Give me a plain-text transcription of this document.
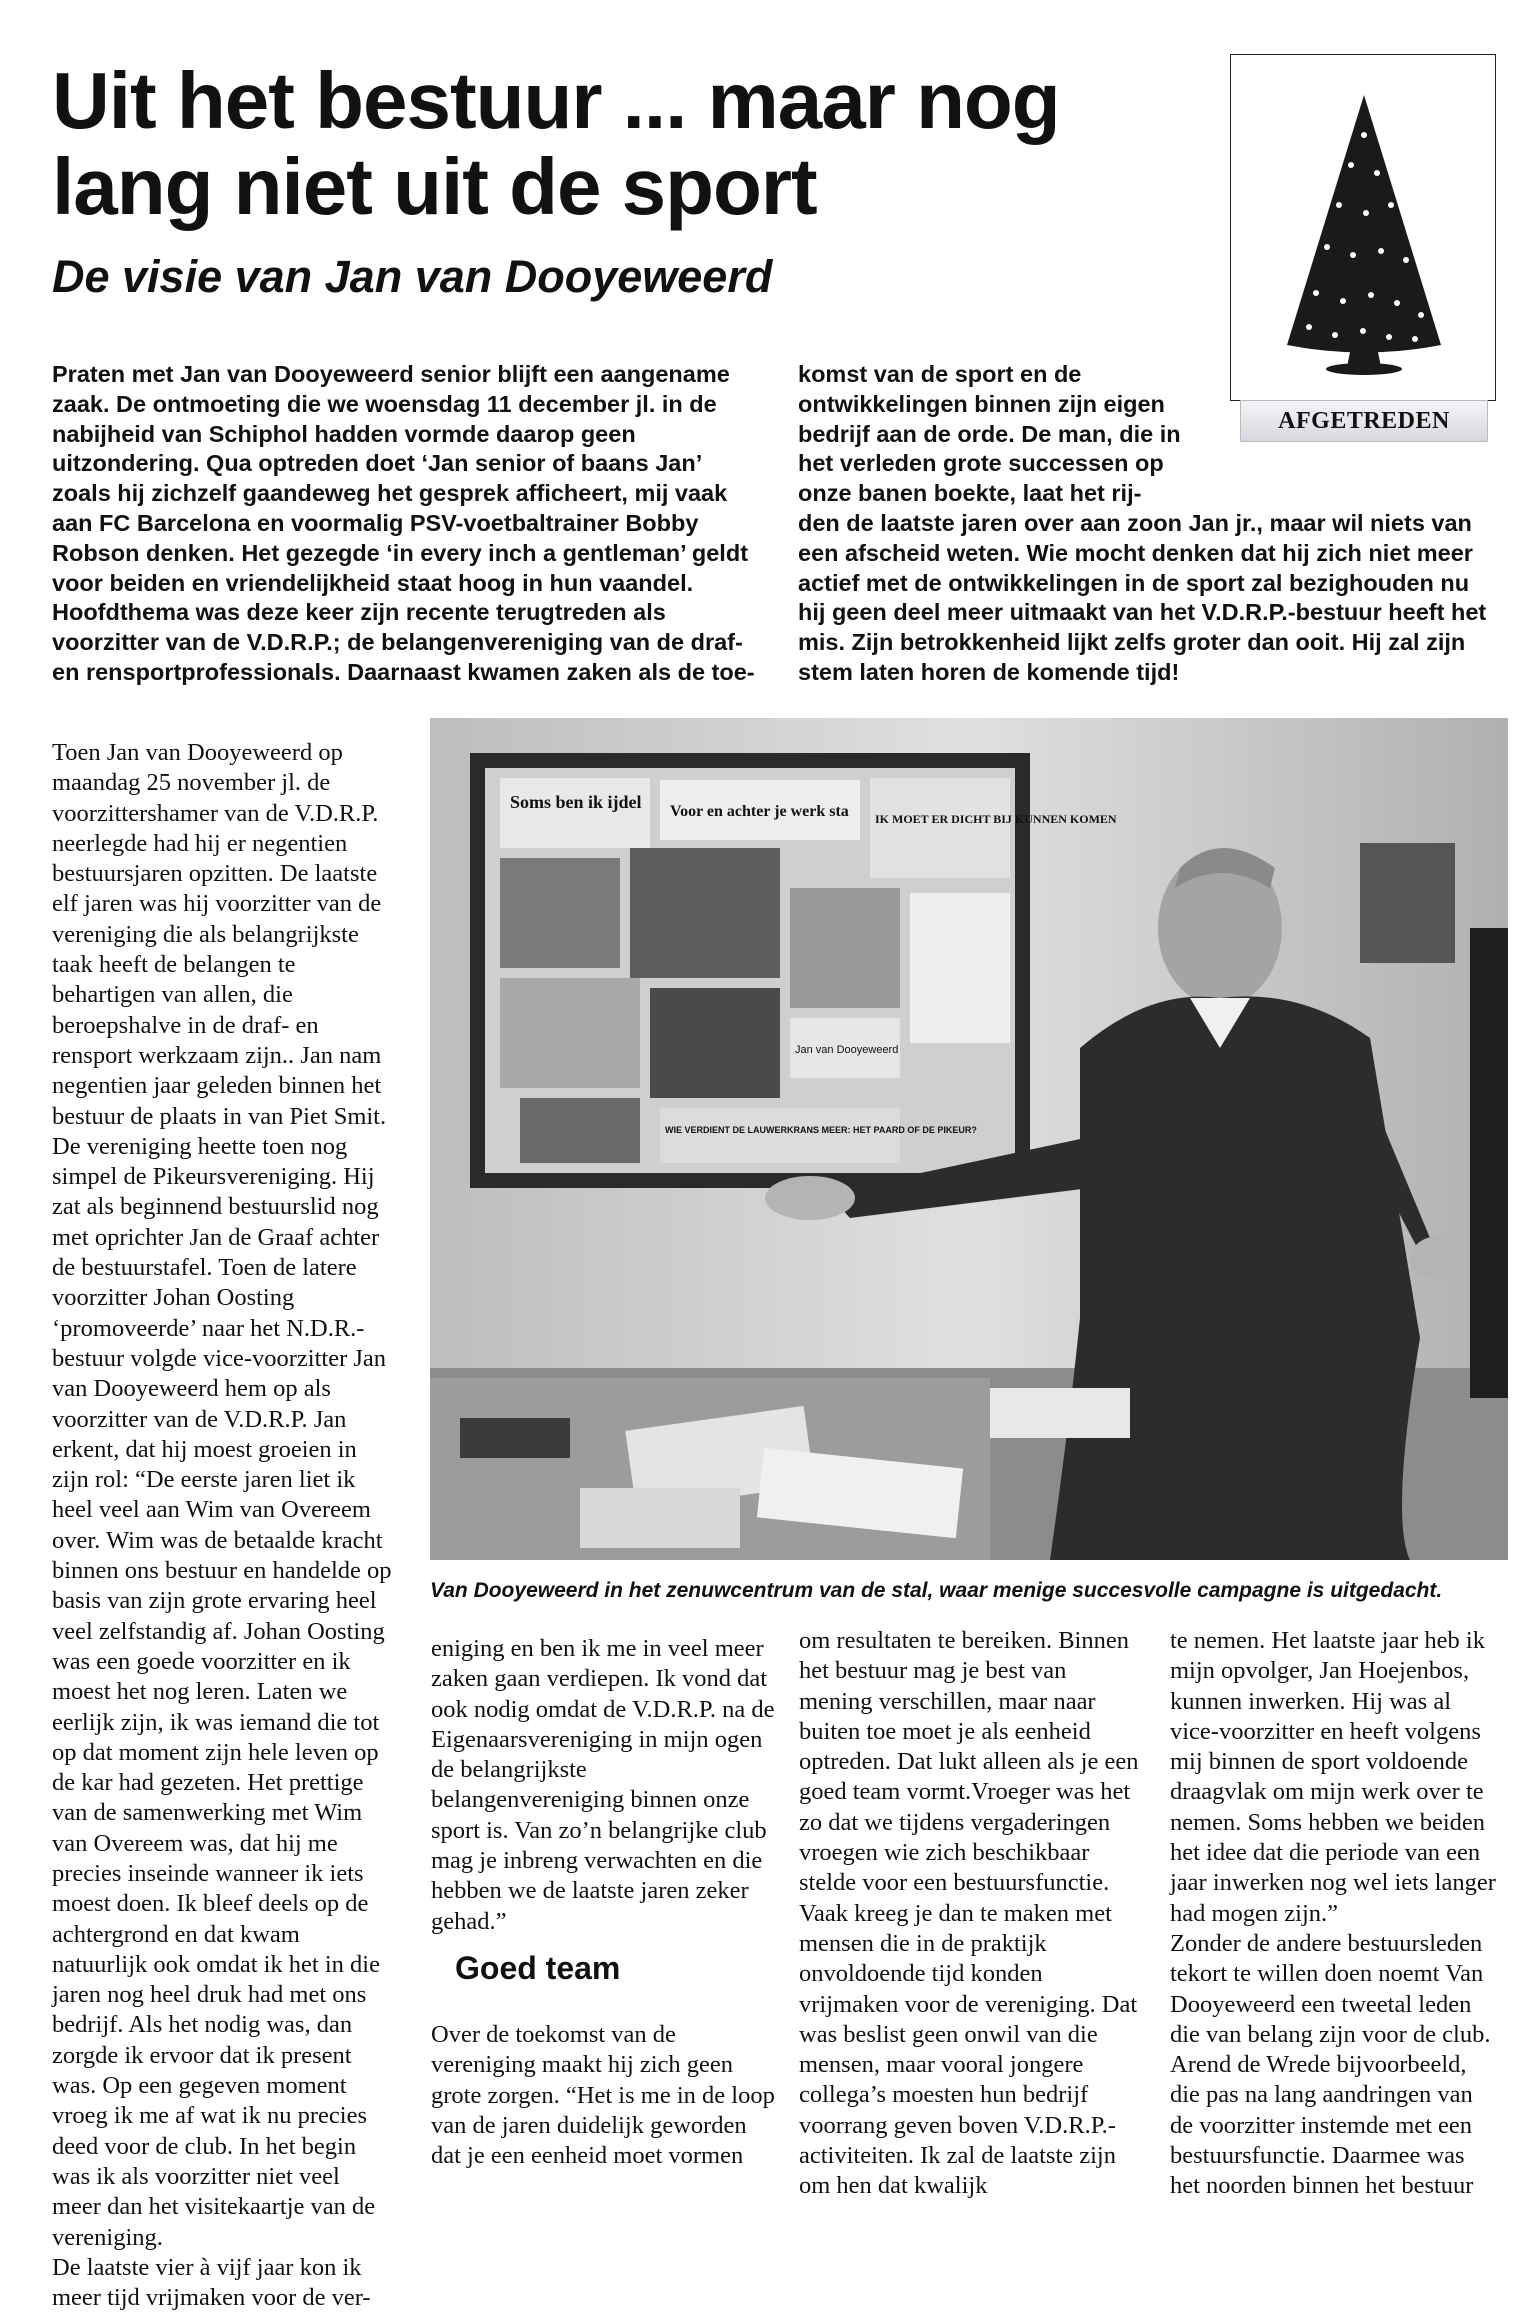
Uit het bestuur ... maar nog lang niet uit de sport
De visie van Jan van Dooyeweerd
AFGETREDEN

Praten met Jan van Dooyeweerd senior blijft een aangename zaak. De ontmoeting die we woensdag 11 december jl. in de nabijheid van Schiphol hadden vormde daarop geen uitzondering. Qua optreden doet ‘Jan senior of baans Jan’ zoals hij zichzelf gaandeweg het gesprek afficheert, mij vaak aan FC Barcelona en voormalig PSV-voetbaltrainer Bobby Robson denken. Het gezegde ‘in every inch a gentleman’ geldt voor beiden en vriendelijkheid staat hoog in hun vaandel.

Hoofdthema was deze keer zijn recente terugtreden als voorzitter van de V.D.R.P.; de belangenvereniging van de draf- en rensportprofessionals. Daarnaast kwamen zaken als de toe-

komst van de sport en de ontwikkelingen binnen zijn eigen bedrijf aan de orde. De man, die in het verleden grote successen op onze banen boekte, laat het rij-
den de laatste jaren over aan zoon Jan jr., maar wil niets van een afscheid weten. Wie mocht denken dat hij zich niet meer actief met de ontwikkelingen in de sport zal bezighouden nu hij geen deel meer uitmaakt van het V.D.R.P.-bestuur heeft het mis. Zijn betrokkenheid lijkt zelfs groter dan ooit. Hij zal zijn stem laten horen de komende tijd!

Toen Jan van Dooyeweerd op maandag 25 november jl. de voorzittershamer van de V.D.R.P. neerlegde had hij er negentien bestuursjaren opzitten. De laatste elf jaren was hij voorzitter van de vereniging die als belangrijkste taak heeft de belangen te behartigen van allen, die beroepshalve in de draf- en rensport werkzaam zijn.. Jan nam negentien jaar geleden binnen het bestuur de plaats in van Piet Smit. De vereniging heette toen nog simpel de Pikeursvereniging. Hij zat als beginnend bestuurslid nog met oprichter Jan de Graaf achter de bestuurstafel. Toen de latere voorzitter Johan Oosting ‘promoveerde’ naar het N.D.R.-bestuur volgde vice-voorzitter Jan van Dooyeweerd hem op als voorzitter van de V.D.R.P. Jan erkent, dat hij moest groeien in zijn rol: “De eerste jaren liet ik heel veel aan Wim van Overeem over. Wim was de betaalde kracht binnen ons bestuur en handelde op basis van zijn grote ervaring heel veel zelfstandig af. Johan Oosting was een goede voorzitter en ik moest het nog leren. Laten we eerlijk zijn, ik was iemand die tot op dat moment zijn hele leven op de kar had gezeten. Het prettige van de samenwerking met Wim van Overeem was, dat hij me precies inseinde wanneer ik iets moest doen. Ik bleef deels op de achtergrond en dat kwam natuurlijk ook omdat ik het in die jaren nog heel druk had met ons bedrijf. Als het nodig was, dan zorgde ik ervoor dat ik present was. Op een gegeven moment vroeg ik me af wat ik nu precies deed voor de club. In het begin was ik als voorzitter niet veel meer dan het visitekaartje van de vereniging.

De laatste vier à vijf jaar kon ik meer tijd vrijmaken voor de ver-

Soms ben ik ijdel Voor en achter je werk sta IK MOET ER DICHT BIJ KUNNEN KOMEN
WIE VERDIENT DE LAUWERKRANS MEER: HET PAARD OF DE PIKEUR?
Jan van Dooyeweerd
Van Dooyeweerd in het zenuwcentrum van de stal, waar menige succesvolle campagne is uitgedacht.

eniging en ben ik me in veel meer zaken gaan verdiepen. Ik vond dat ook nodig omdat de V.D.R.P. na de Eigenaarsvereniging in mijn ogen de belangrijkste belangenvereniging binnen onze sport is. Van zo’n belangrijke club mag je inbreng verwachten en die hebben we de laatste jaren zeker gehad.”

Goed team

Over de toekomst van de vereniging maakt hij zich geen grote zorgen. “Het is me in de loop van de jaren duidelijk geworden dat je een eenheid moet vormen

om resultaten te bereiken. Binnen het bestuur mag je best van mening verschillen, maar naar buiten toe moet je als eenheid optreden. Dat lukt alleen als je een goed team vormt.Vroeger was het zo dat we tijdens vergaderingen vroegen wie zich beschikbaar stelde voor een bestuursfunctie. Vaak kreeg je dan te maken met mensen die in de praktijk onvoldoende tijd konden vrijmaken voor de vereniging. Dat was beslist geen onwil van die mensen, maar vooral jongere collega’s moesten hun bedrijf voorrang geven boven V.D.R.P.-activiteiten. Ik zal de laatste zijn om hen dat kwalijk

te nemen. Het laatste jaar heb ik mijn opvolger, Jan Hoejenbos, kunnen inwerken. Hij was al vice-voorzitter en heeft volgens mij binnen de sport voldoende draagvlak om mijn werk over te nemen. Soms hebben we beiden het idee dat die periode van een jaar inwerken nog wel iets langer had mogen zijn.”

Zonder de andere bestuursleden tekort te willen doen noemt Van Dooyeweerd een tweetal leden die van belang zijn voor de club. Arend de Wrede bijvoorbeeld, die pas na lang aandringen van de voorzitter instemde met een bestuursfunctie. Daarmee was het noorden binnen het bestuur
